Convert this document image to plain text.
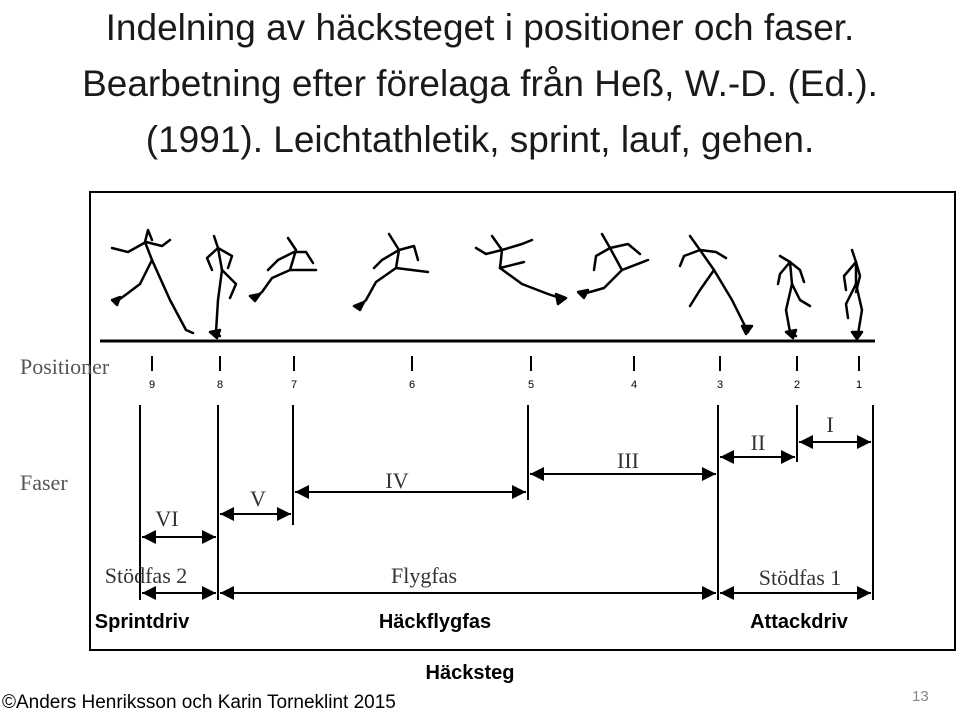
Indelning av häcksteget i positioner och faser.
Bearbetning efter förelaga från Heß, W.-D. (Ed.).
(1991). Leichtathletik, sprint, lauf, gehen.
Positioner
9	8	7	6	5	4	3	2	1
Faser
VI
V
IV
III
II
I
Stödfas 2	Flygfas	Stödfas 1
Sprintdriv	Häckflygfas	Attackdriv
Häcksteg
©Anders Henriksson och Karin Torneklint 2015	13
